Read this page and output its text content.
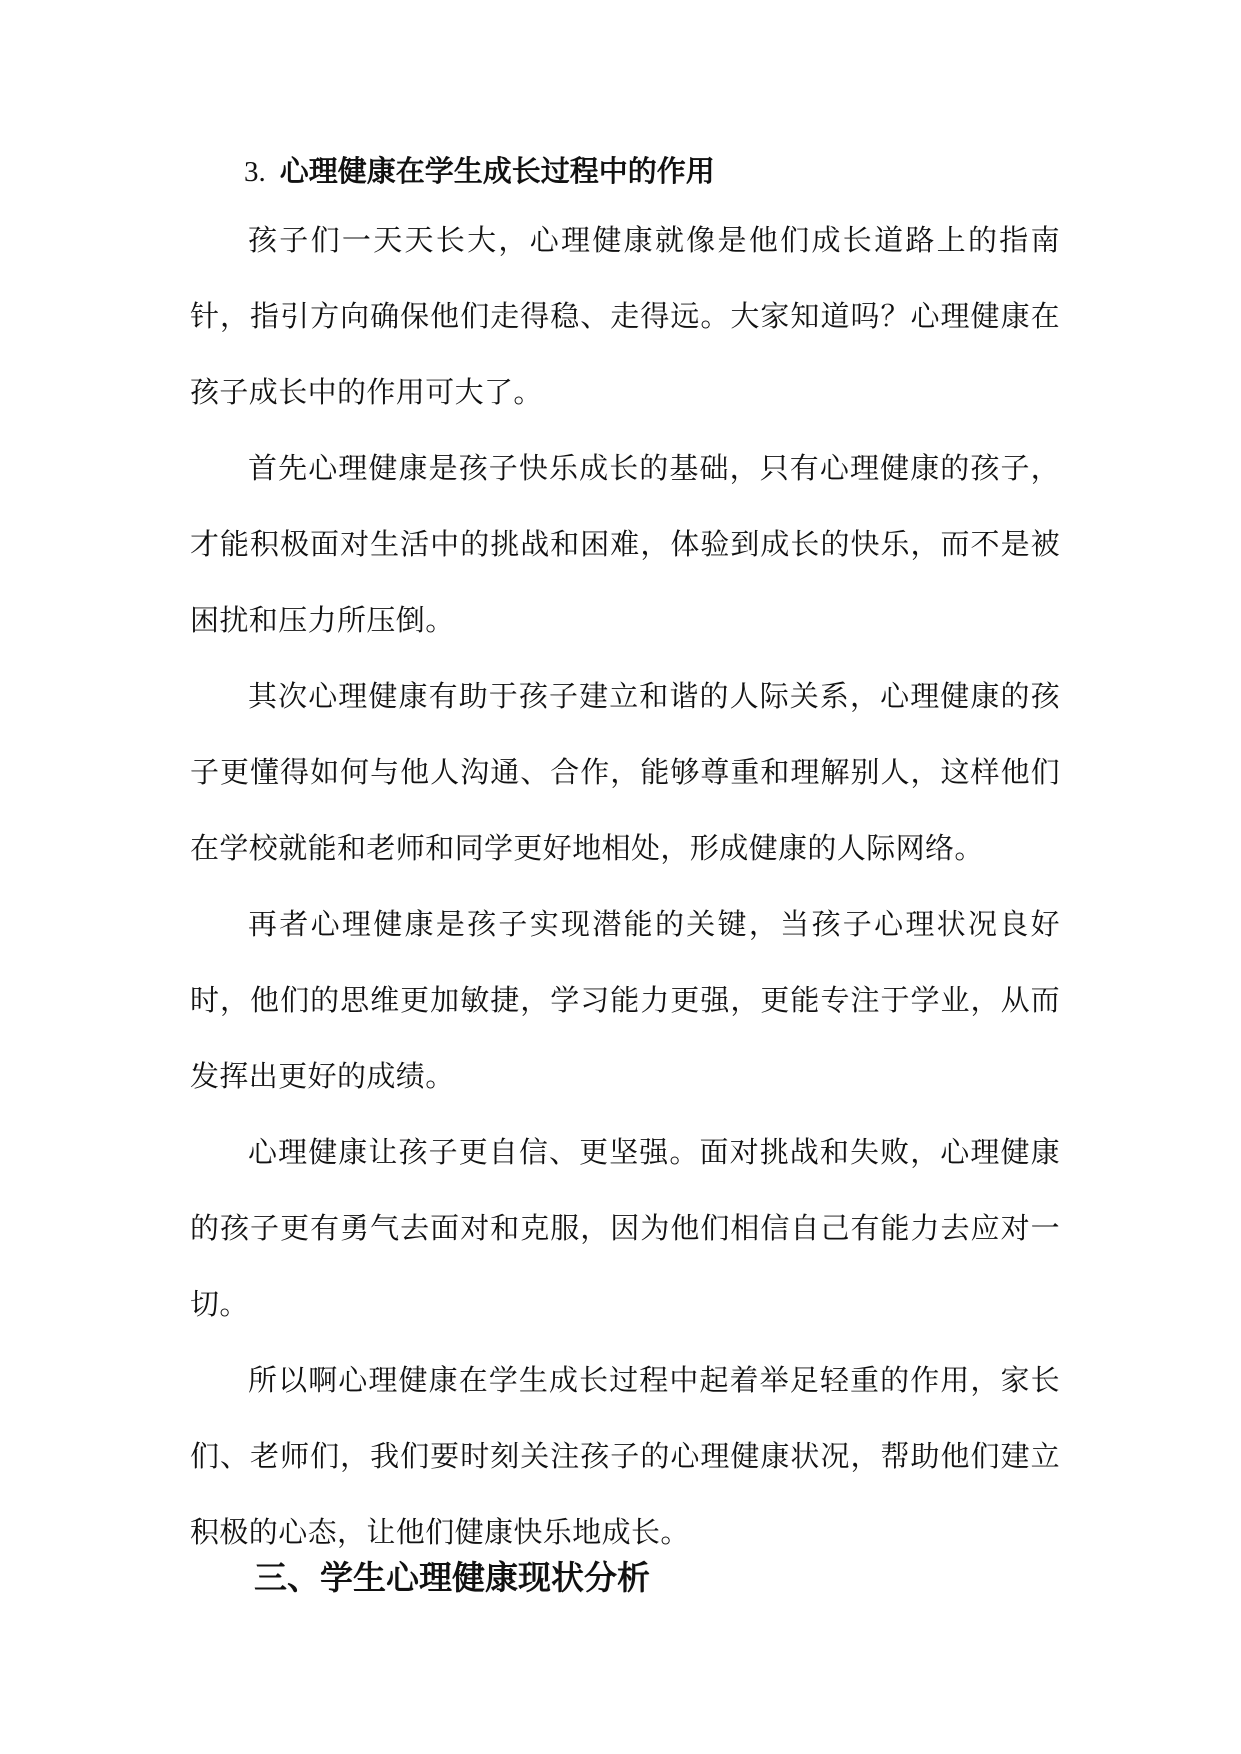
3. 心理健康在学生成长过程中的作用

孩子们一天天长大，心理健康就像是他们成长道路上的指南针，指引方向确保他们走得稳、走得远。大家知道吗？心理健康在孩子成长中的作用可大了。

首先心理健康是孩子快乐成长的基础，只有心理健康的孩子，才能积极面对生活中的挑战和困难，体验到成长的快乐，而不是被困扰和压力所压倒。

其次心理健康有助于孩子建立和谐的人际关系，心理健康的孩子更懂得如何与他人沟通、合作，能够尊重和理解别人，这样他们在学校就能和老师和同学更好地相处，形成健康的人际网络。

再者心理健康是孩子实现潜能的关键，当孩子心理状况良好时，他们的思维更加敏捷，学习能力更强，更能专注于学业，从而发挥出更好的成绩。

心理健康让孩子更自信、更坚强。面对挑战和失败，心理健康的孩子更有勇气去面对和克服，因为他们相信自己有能力去应对一切。

所以啊心理健康在学生成长过程中起着举足轻重的作用，家长们、老师们，我们要时刻关注孩子的心理健康状况，帮助他们建立积极的心态，让他们健康快乐地成长。

三、学生心理健康现状分析
